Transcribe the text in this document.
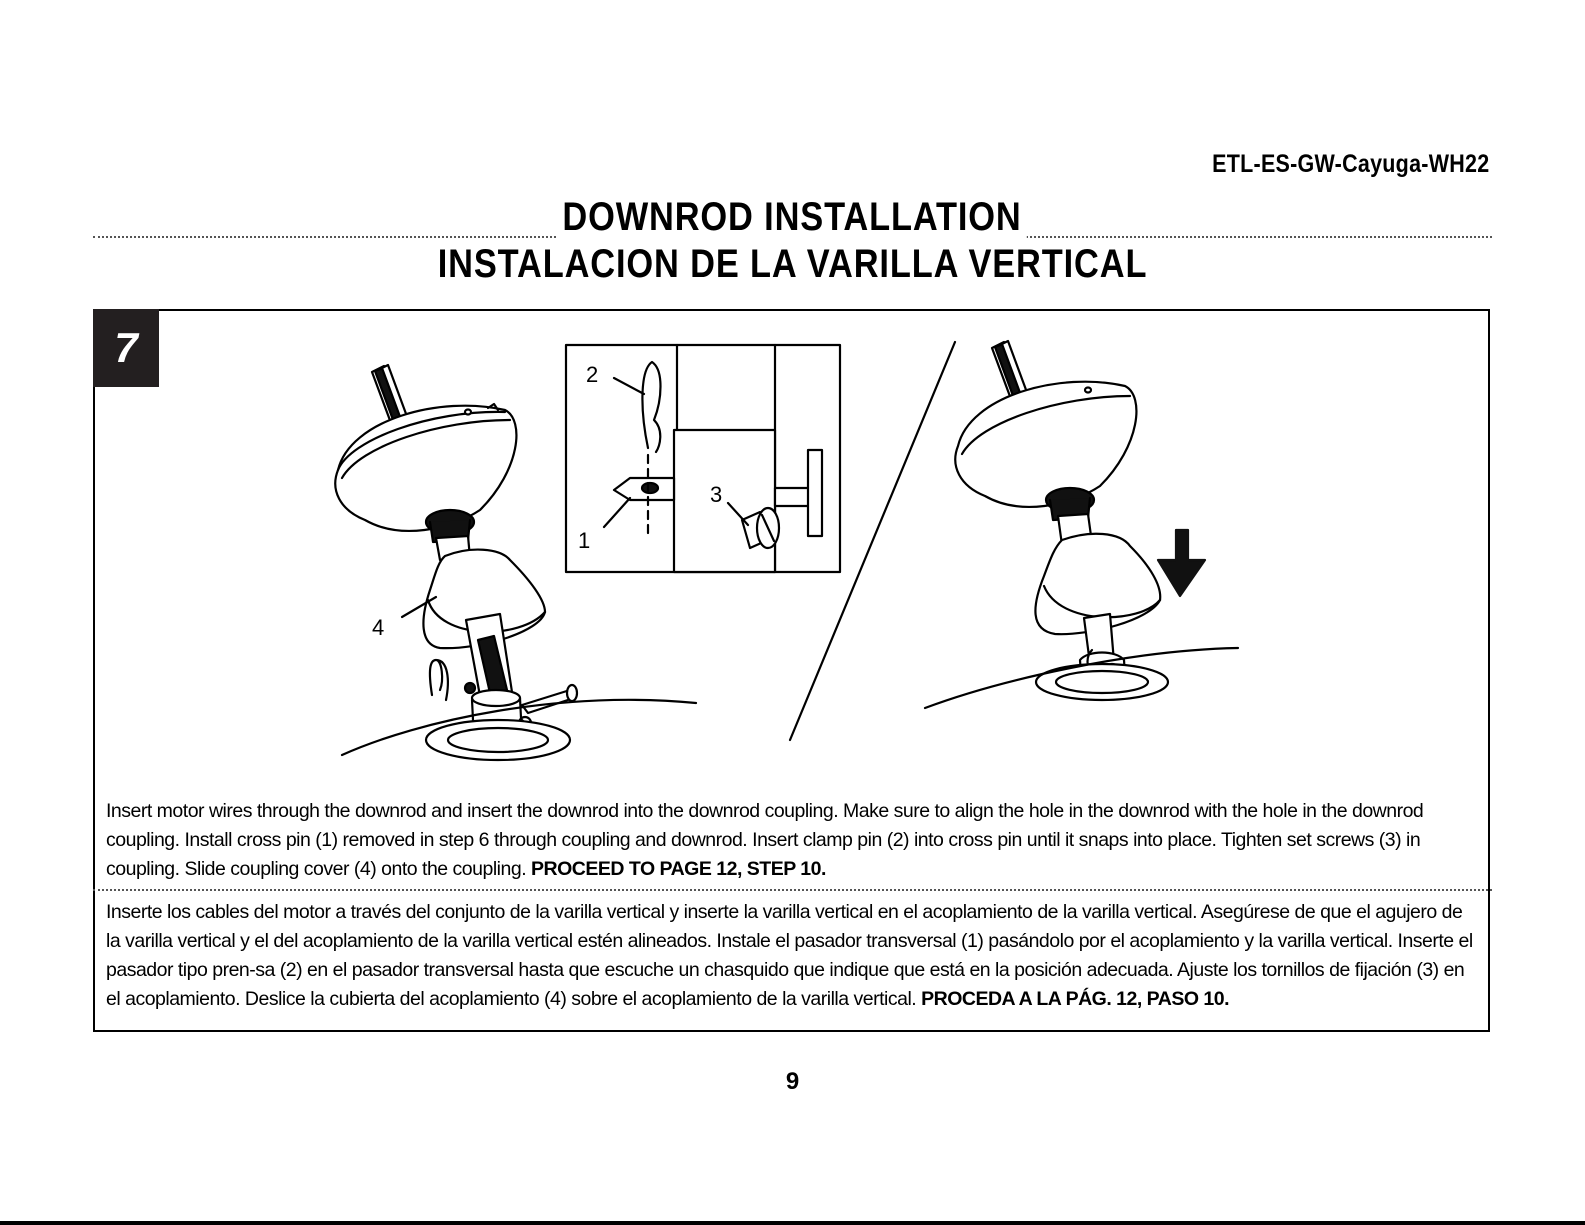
ETL-ES-GW-Cayuga-WH22
DOWNROD INSTALLATION
INSTALACION DE LA VARILLA VERTICAL
7
2
1
3
4
Insert motor wires through the downrod and insert the downrod into the downrod coupling. Make sure to align the hole in the downrod with the hole in the downrod coupling. Install cross pin (1) removed in step 6 through coupling and downrod. Insert clamp pin (2) into cross pin until it snaps into place. Tighten set screws (3) in coupling. Slide coupling cover (4) onto the coupling. PROCEED TO PAGE 12, STEP 10.
Inserte los cables del motor a través del conjunto de la varilla vertical y inserte la varilla vertical en el acoplamiento de la varilla vertical. Asegúrese de que el agujero de la varilla vertical y el del acoplamiento de la varilla vertical estén alineados. Instale el pasador transversal (1) pasándolo por el acoplamiento y la varilla vertical. Inserte el pasador tipo pren-sa (2) en el pasador transversal hasta que escuche un chasquido que indique que está en la posición adecuada. Ajuste los tornillos de fijación (3) en el acoplamiento. Deslice la cubierta del acoplamiento (4) sobre el acoplamiento de la varilla vertical. PROCEDA A LA PÁG. 12, PASO 10.
9
